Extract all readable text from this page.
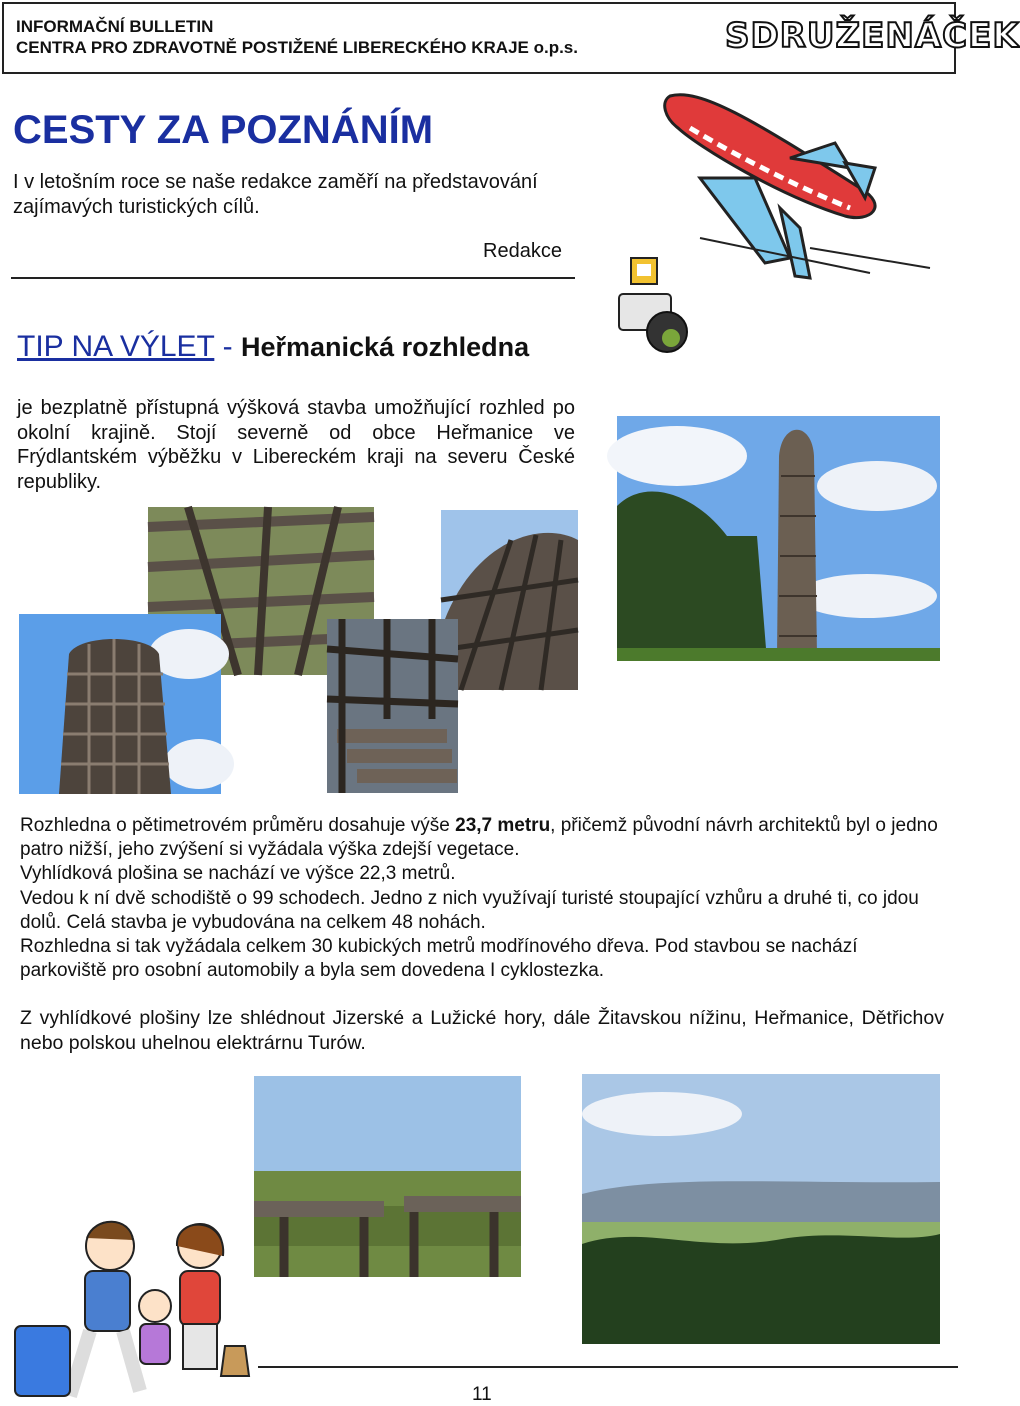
INFORMAČNÍ BULLETIN
CENTRA PRO ZDRAVOTNĚ POSTIŽENÉ LIBERECKÉHO KRAJE o.p.s.	SDRUŽENÁČEK
CESTY ZA POZNÁNÍM
I v letošním roce se naše redakce zaměří na představování zajímavých turistických cílů.
Redakce
TIP NA VÝLET - Heřmanická rozhledna
je bezplatně přístupná výšková stavba umožňující rozhled po okolní krajině. Stojí severně od obce Heřmanice ve Frýdlantském výběžku v Libereckém kraji na severu České republiky.
Rozhledna o pětimetrovém průměru dosahuje výše 23,7 metru, přičemž původní návrh architektů byl o jedno patro nižší, jeho zvýšení si vyžádala výška zdejší vegetace.
Vyhlídková plošina se nachází ve výšce 22,3 metrů.
Vedou k ní dvě schodiště o 99 schodech. Jedno z nich využívají turisté stoupající vzhůru a druhé ti, co jdou dolů. Celá stavba je vybudována na celkem 48 nohách.
Rozhledna si tak vyžádala celkem 30 kubických metrů modřínového dřeva. Pod stavbou se nachází parkoviště pro osobní automobily a byla sem dovedena I cyklostezka.
Z vyhlídkové plošiny lze shlédnout Jizerské a Lužické hory, dále Žitavskou nížinu, Heřmanice, Dětřichov nebo polskou uhelnou elektrárnu Turów.
11
